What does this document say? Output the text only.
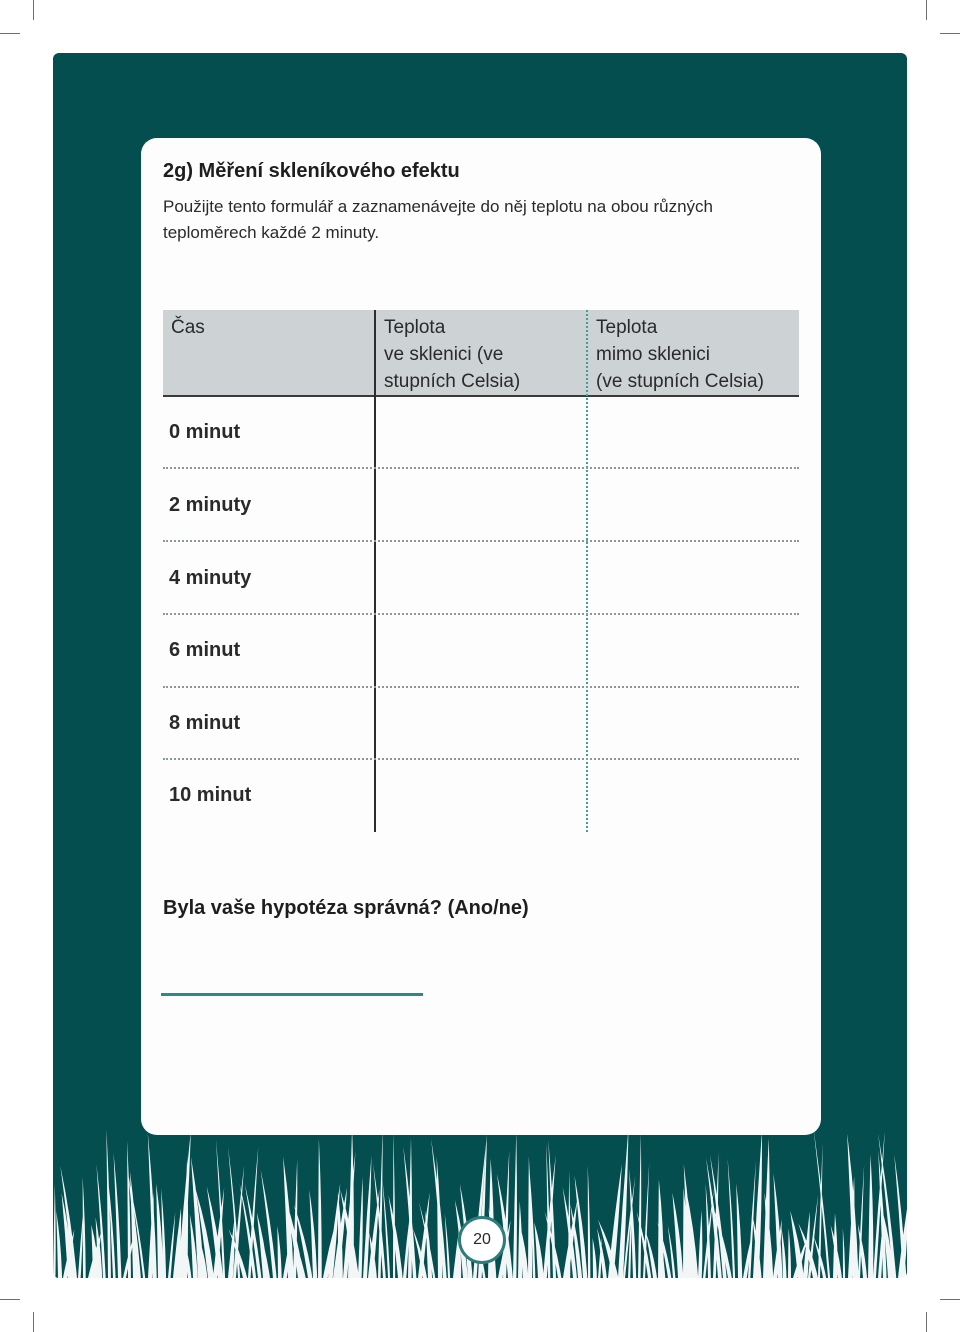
2g) Měření skleníkového efektu

Použijte tento formulář a zaznamenávejte do něj teplotu na obou různých teploměrech každé 2 minuty.

Čas	Teplota
ve sklenici (ve
stupních Celsia)
Teplota
mimo sklenici
(ve stupních Celsia)
0 minut
2 minuty
4 minuty
6 minut
8 minut
10 minut
Byla vaše hypotéza správná? (Ano/ne)
20
